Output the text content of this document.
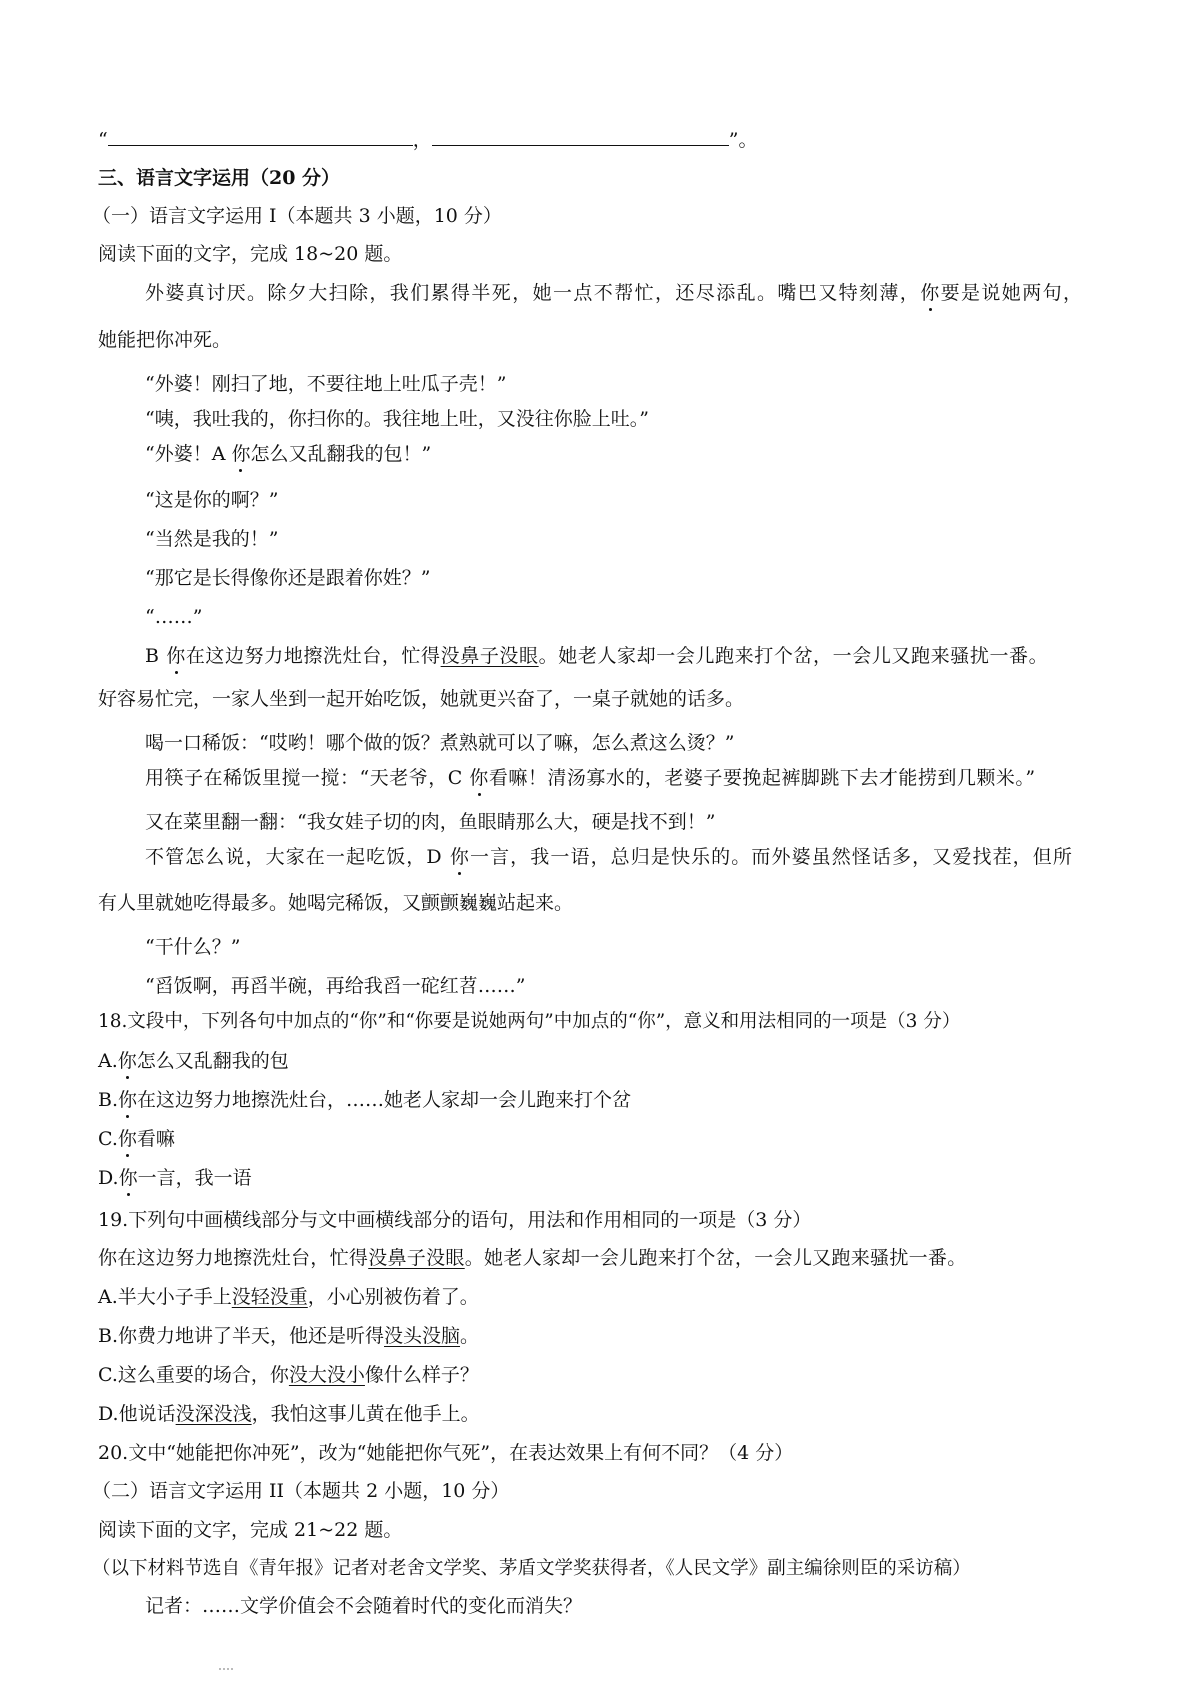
“	，	”。
三、语言文字运用（20 分）
（一）语言文字运用 I（本题共 3 小题，10 分）
阅读下面的文字，完成 18~20 题。
外婆真讨厌。除夕大扫除，我们累得半死，她一点不帮忙，还尽添乱。嘴巴又特刻薄，你要是说她两句，
她能把你冲死。
“外婆！刚扫了地，不要往地上吐瓜子壳！”
“咦，我吐我的，你扫你的。我往地上吐，又没往你脸上吐。”
“外婆！A 你怎么又乱翻我的包！”
“这是你的啊？”
“当然是我的！”
“那它是长得像你还是跟着你姓？”
“……”
B 你在这边努力地擦洗灶台，忙得没鼻子没眼。她老人家却一会儿跑来打个岔，一会儿又跑来骚扰一番。
好容易忙完，一家人坐到一起开始吃饭，她就更兴奋了，一桌子就她的话多。
喝一口稀饭：“哎哟！哪个做的饭？煮熟就可以了嘛，怎么煮这么烫？”
用筷子在稀饭里搅一搅：“天老爷，C 你看嘛！清汤寡水的，老婆子要挽起裤脚跳下去才能捞到几颗米。”
又在菜里翻一翻：“我女娃子切的肉，鱼眼睛那么大，硬是找不到！”
不管怎么说，大家在一起吃饭，D 你一言，我一语，总归是快乐的。而外婆虽然怪话多，又爱找茬，但所
有人里就她吃得最多。她喝完稀饭，又颤颤巍巍站起来。
“干什么？”
“舀饭啊，再舀半碗，再给我舀一砣红苕……”
18.文段中，下列各句中加点的“你”和“你要是说她两句”中加点的“你”，意义和用法相同的一项是（3 分）
A.你怎么又乱翻我的包
B.你在这边努力地擦洗灶台，……她老人家却一会儿跑来打个岔
C.你看嘛
D.你一言，我一语
19.下列句中画横线部分与文中画横线部分的语句，用法和作用相同的一项是（3 分）
你在这边努力地擦洗灶台，忙得没鼻子没眼。她老人家却一会儿跑来打个岔，一会儿又跑来骚扰一番。
A.半大小子手上没轻没重，小心别被伤着了。
B.你费力地讲了半天，他还是听得没头没脑。
C.这么重要的场合，你没大没小像什么样子？
D.他说话没深没浅，我怕这事儿黄在他手上。
20.文中“她能把你冲死”，改为“她能把你气死”，在表达效果上有何不同？（4 分）
（二）语言文字运用 II（本题共 2 小题，10 分）
阅读下面的文字，完成 21~22 题。
（以下材料节选自《青年报》记者对老舍文学奖、茅盾文学奖获得者，《人民文学》副主编徐则臣的采访稿）
记者：……文学价值会不会随着时代的变化而消失？
